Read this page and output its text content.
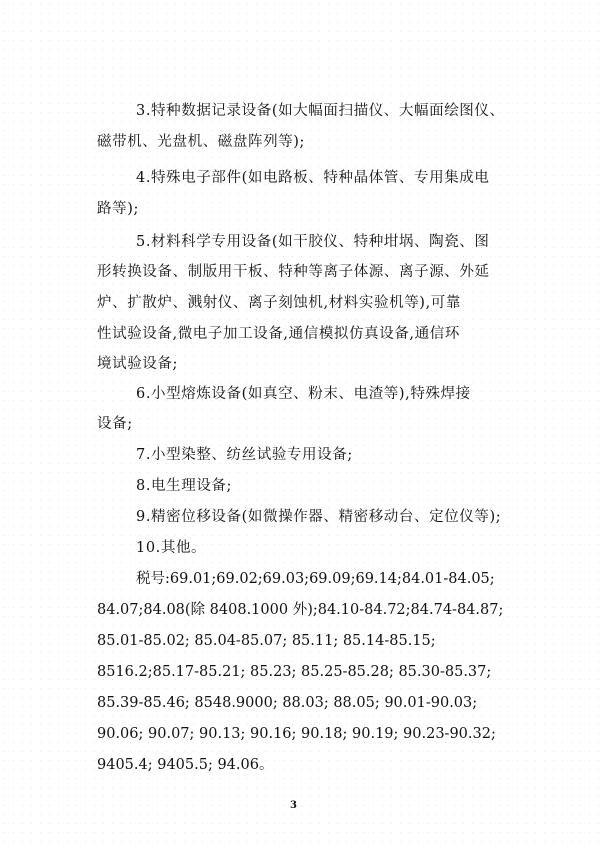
3.特种数据记录设备(如大幅面扫描仪、大幅面绘图仪、
磁带机、光盘机、磁盘阵列等);
4.特殊电子部件(如电路板、特种晶体管、专用集成电
路等);
5.材料科学专用设备(如干胶仪、特种坩埚、陶瓷、图
形转换设备、制版用干板、特种等离子体源、离子源、外延
炉、扩散炉、溅射仪、离子刻蚀机,材料实验机等),可靠
性试验设备,微电子加工设备,通信模拟仿真设备,通信环
境试验设备;
6.小型熔炼设备(如真空、粉末、电渣等),特殊焊接
设备;
7.小型染整、纺丝试验专用设备;
8.电生理设备;
9.精密位移设备(如微操作器、精密移动台、定位仪等);
10.其他。
税号:69.01;69.02;69.03;69.09;69.14;84.01-84.05;
84.07;84.08(除 8408.1000 外);84.10-84.72;84.74-84.87;
85.01-85.02; 85.04-85.07; 85.11; 85.14-85.15;
8516.2;85.17-85.21; 85.23; 85.25-85.28; 85.30-85.37;
85.39-85.46; 8548.9000; 88.03; 88.05; 90.01-90.03;
90.06; 90.07; 90.13; 90.16; 90.18; 90.19; 90.23-90.32;
9405.4; 9405.5; 94.06。
3
